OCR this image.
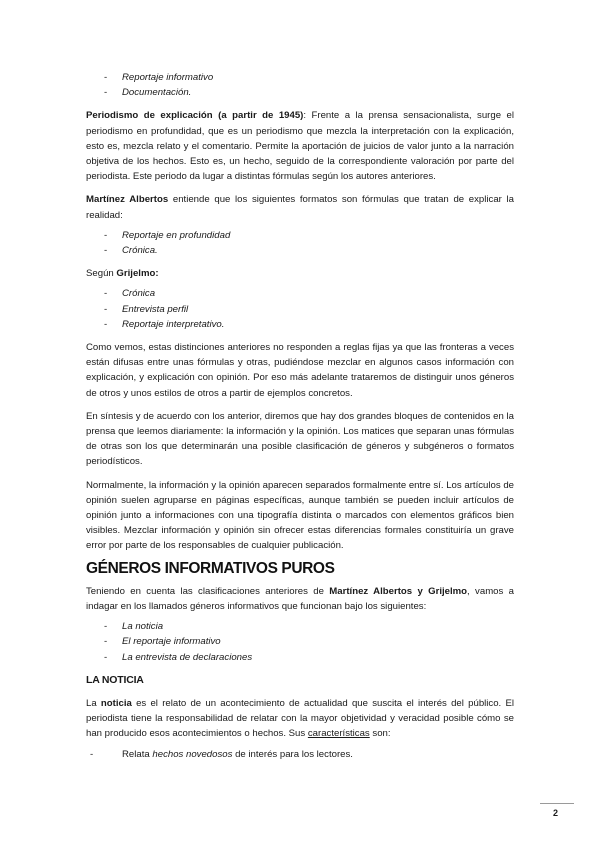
- Reportaje informativo
- Documentación.

Periodismo de explicación (a partir de 1945): Frente a la prensa sensacionalista, surge el periodismo en profundidad, que es un periodismo que mezcla la interpretación con la explicación, esto es, mezcla relato y el comentario. Permite la aportación de juicios de valor junto a la narración objetiva de los hechos. Esto es, un hecho, seguido de la correspondiente valoración por parte del periodista. Este periodo da lugar a distintas fórmulas según los autores anteriores.

Martínez Albertos entiende que los siguientes formatos son fórmulas que tratan de explicar la realidad:

- Reportaje en profundidad
- Crónica.

Según Grijelmo:

- Crónica
- Entrevista perfil
- Reportaje interpretativo.

Como vemos, estas distinciones anteriores no responden a reglas fijas ya que las fronteras a veces están difusas entre unas fórmulas y otras, pudiéndose mezclar en algunos casos información con explicación, y explicación con opinión. Por eso más adelante trataremos de distinguir unos géneros de otros y unos estilos de otros a partir de ejemplos concretos.

En síntesis y de acuerdo con los anterior, diremos que hay dos grandes bloques de contenidos en la prensa que leemos diariamente: la información y la opinión. Los matices que separan unas fórmulas de otras son los que determinarán una posible clasificación de géneros y subgéneros o formatos periodísticos.

Normalmente, la información y la opinión aparecen separados formalmente entre sí. Los artículos de opinión suelen agruparse en páginas específicas, aunque también se pueden incluir artículos de opinión junto a informaciones con una tipografía distinta o marcados con elementos gráficos bien visibles. Mezclar información y opinión sin ofrecer estas diferencias formales constituiría un grave error por parte de los responsables de cualquier publicación.

GÉNEROS INFORMATIVOS PUROS

Teniendo en cuenta las clasificaciones anteriores de Martínez Albertos y Grijelmo, vamos a indagar en los llamados géneros informativos que funcionan bajo los siguientes:

- La noticia
- El reportaje informativo
- La entrevista de declaraciones
LA NOTICIA

La noticia es el relato de un acontecimiento de actualidad que suscita el interés del público. El periodista tiene la responsabilidad de relatar con la mayor objetividad y veracidad posible cómo se han producido esos acontecimientos o hechos. Sus características son:

- Relata hechos novedosos de interés para los lectores.
2
